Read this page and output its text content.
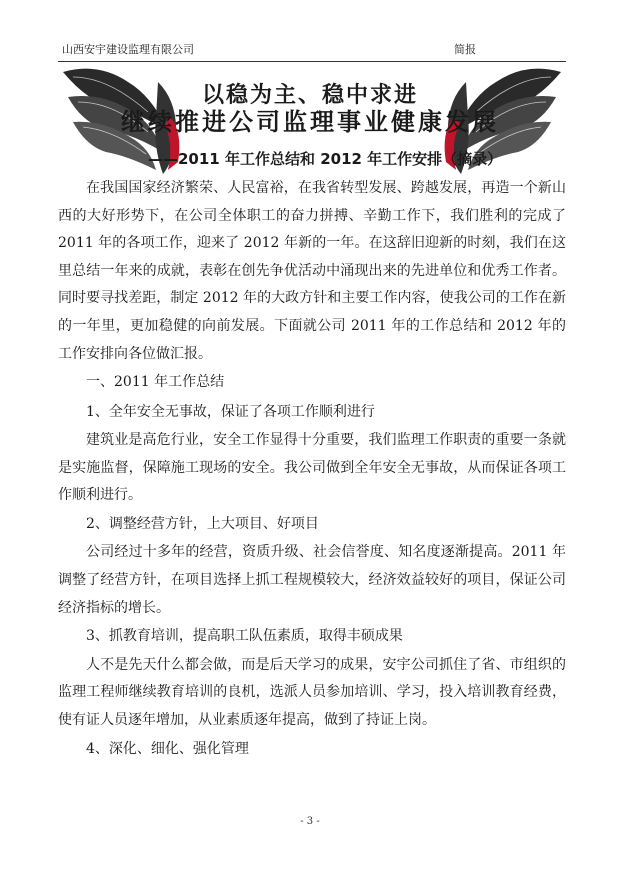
山西安宇建设监理有限公司	简报
以稳为主、稳中求进
继续推进公司监理事业健康发展
——2011 年工作总结和 2012 年工作安排（摘录）

在我国国家经济繁荣、人民富裕，在我省转型发展、跨越发展，再造一个新山西的大好形势下，在公司全体职工的奋力拼搏、辛勤工作下，我们胜利的完成了 2011 年的各项工作，迎来了 2012 年新的一年。在这辞旧迎新的时刻，我们在这里总结一年来的成就，表彰在创先争优活动中涌现出来的先进单位和优秀工作者。同时要寻找差距，制定 2012 年的大政方针和主要工作内容，使我公司的工作在新的一年里，更加稳健的向前发展。下面就公司 2011 年的工作总结和 2012 年的工作安排向各位做汇报。

一、2011 年工作总结

1、全年安全无事故，保证了各项工作顺利进行

建筑业是高危行业，安全工作显得十分重要，我们监理工作职责的重要一条就是实施监督，保障施工现场的安全。我公司做到全年安全无事故，从而保证各项工作顺利进行。

2、调整经营方针，上大项目、好项目

公司经过十多年的经营，资质升级、社会信誉度、知名度逐渐提高。2011 年调整了经营方针，在项目选择上抓工程规模较大，经济效益较好的项目，保证公司经济指标的增长。

3、抓教育培训，提高职工队伍素质，取得丰硕成果

人不是先天什么都会做，而是后天学习的成果，安宇公司抓住了省、市组织的监理工程师继续教育培训的良机，选派人员参加培训、学习，投入培训教育经费，使有证人员逐年增加，从业素质逐年提高，做到了持证上岗。

4、深化、细化、强化管理

- 3 -
